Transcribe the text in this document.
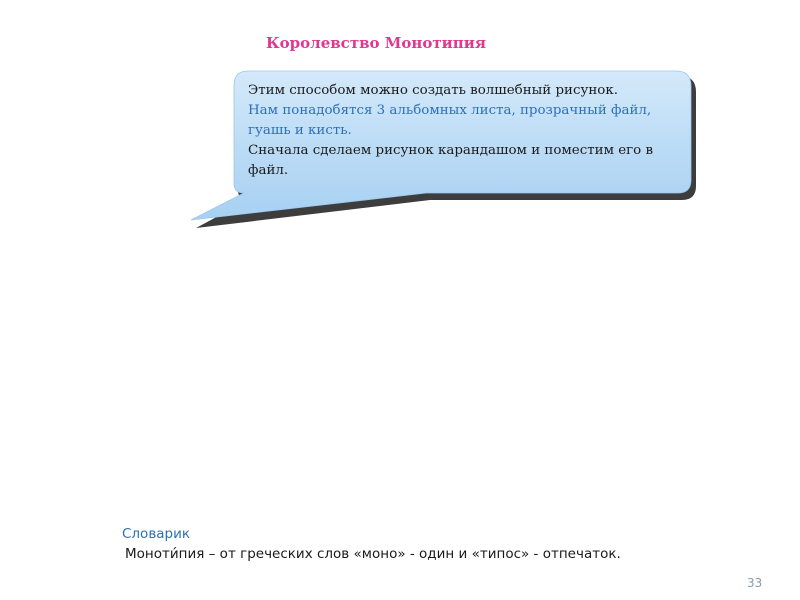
Королевство Монотипия
Этим способом можно создать волшебный рисунок.
Нам понадобятся 3 альбомных листа, прозрачный файл,
гуашь и кисть.
Сначала сделаем рисунок карандашом и поместим его в
файл.
Словарик
Моноти́пия – от греческих слов «моно» - один и «типос» - отпечаток.
33
